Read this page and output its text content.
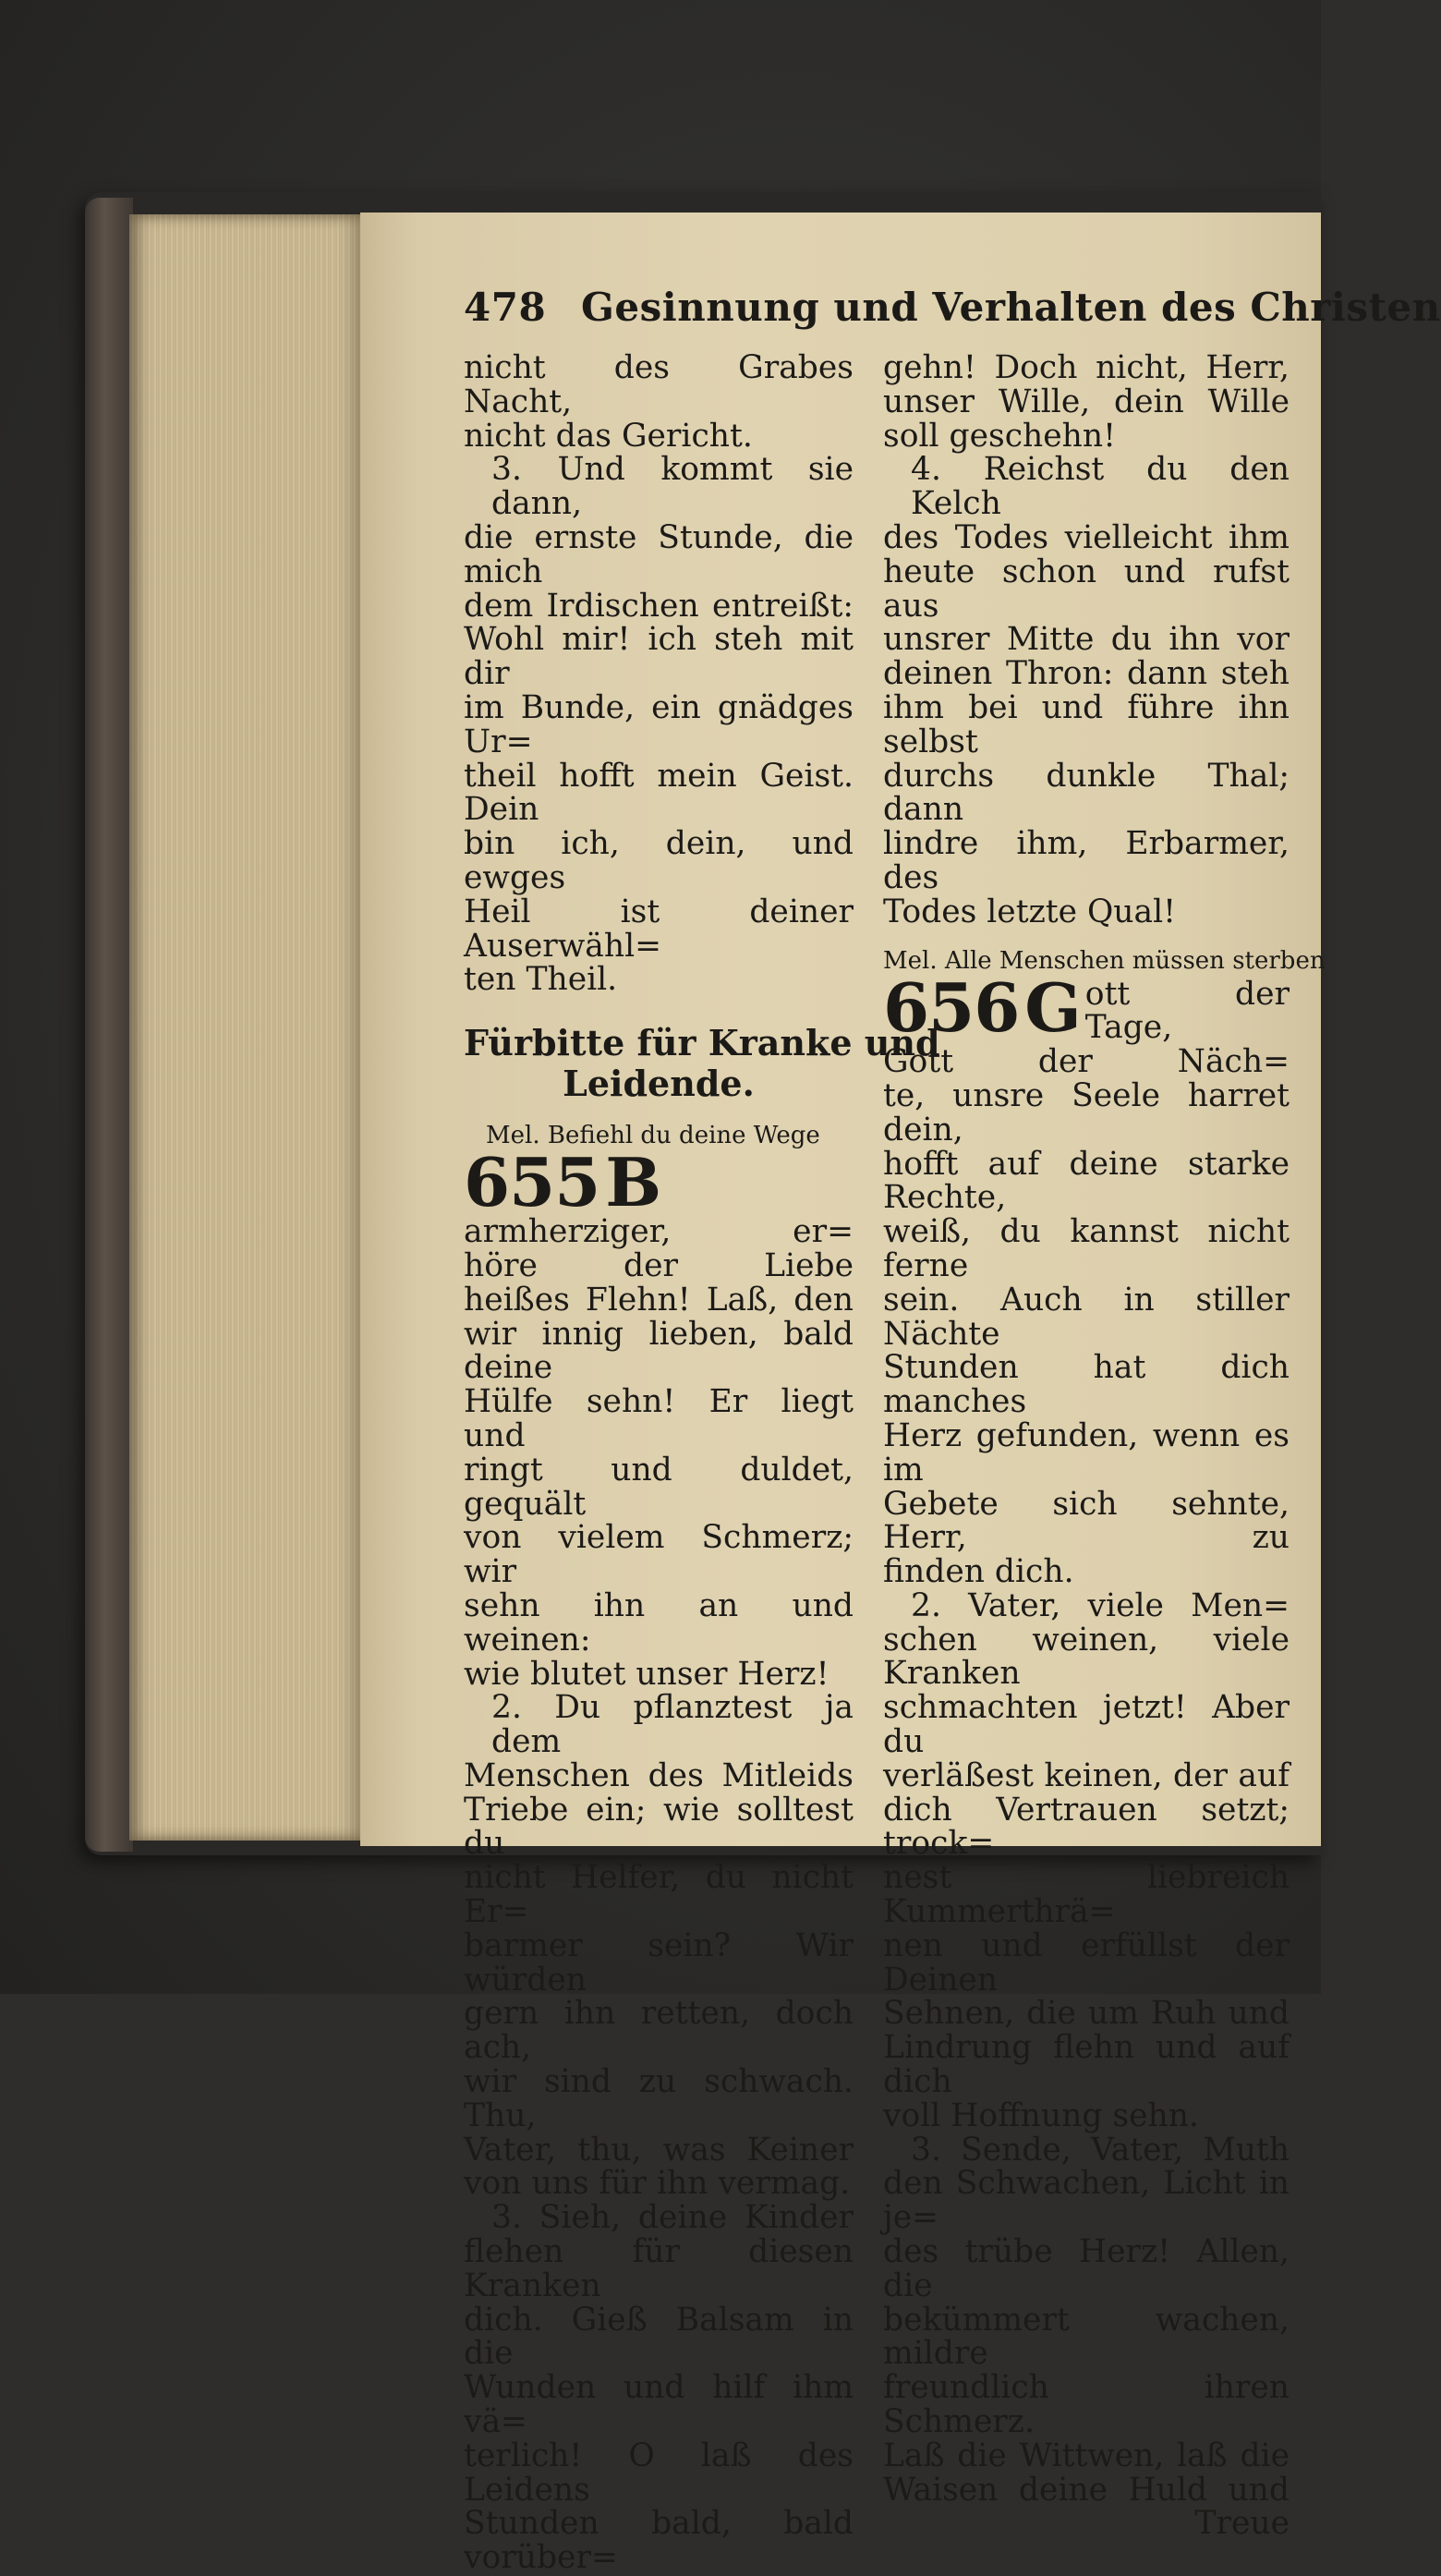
478 Gesinnung und Verhalten des Christen
nicht des Grabes Nacht,
nicht das Gericht.
3. Und kommt sie dann,
die ernste Stunde, die mich
dem Irdischen entreißt:
Wohl mir! ich steh mit dir
im Bunde, ein gnädges Ur=
theil hofft mein Geist. Dein
bin ich, dein, und ewges
Heil ist deiner Auserwähl=
ten Theil.
Fürbitte für Kranke und
Leidende.
Mel. Befiehl du deine Wege
655 B
armherziger, er=
höre der Liebe
heißes Flehn! Laß, den
wir innig lieben, bald deine
Hülfe sehn! Er liegt und
ringt und duldet, gequält
von vielem Schmerz; wir
sehn ihn an und weinen:
wie blutet unser Herz!
2. Du pflanztest ja dem
Menschen des Mitleids
Triebe ein; wie solltest du
nicht Helfer, du nicht Er=
barmer sein? Wir würden
gern ihn retten, doch ach,
wir sind zu schwach. Thu,
Vater, thu, was Keiner
von uns für ihn vermag.
3. Sieh, deine Kinder
flehen für diesen Kranken
dich. Gieß Balsam in die
Wunden und hilf ihm vä=
terlich! O laß des Leidens
Stunden bald, bald vorüber=
gehn! Doch nicht, Herr,
unser Wille, dein Wille
soll geschehn!
4. Reichst du den Kelch
des Todes vielleicht ihm
heute schon und rufst aus
unsrer Mitte du ihn vor
deinen Thron: dann steh
ihm bei und führe ihn selbst
durchs dunkle Thal; dann
lindre ihm, Erbarmer, des
Todes letzte Qual!
Mel. Alle Menschen müssen sterben
656 G ott der Tage,
Gott der Näch=
te, unsre Seele harret dein,
hofft auf deine starke Rechte,
weiß, du kannst nicht ferne
sein. Auch in stiller Nächte
Stunden hat dich manches
Herz gefunden, wenn es im
Gebete sich sehnte, Herr, zu
finden dich.
2. Vater, viele Men=
schen weinen, viele Kranken
schmachten jetzt! Aber du
verläßest keinen, der auf
dich Vertrauen setzt; trock=
nest liebreich Kummerthrä=
nen und erfüllst der Deinen
Sehnen, die um Ruh und
Lindrung flehn und auf dich
voll Hoffnung sehn.
3. Sende, Vater, Muth
den Schwachen, Licht in je=
des trübe Herz! Allen, die
bekümmert wachen, mildre
freundlich ihren Schmerz.
Laß die Wittwen, laß die
Waisen deine Huld und
Treue
